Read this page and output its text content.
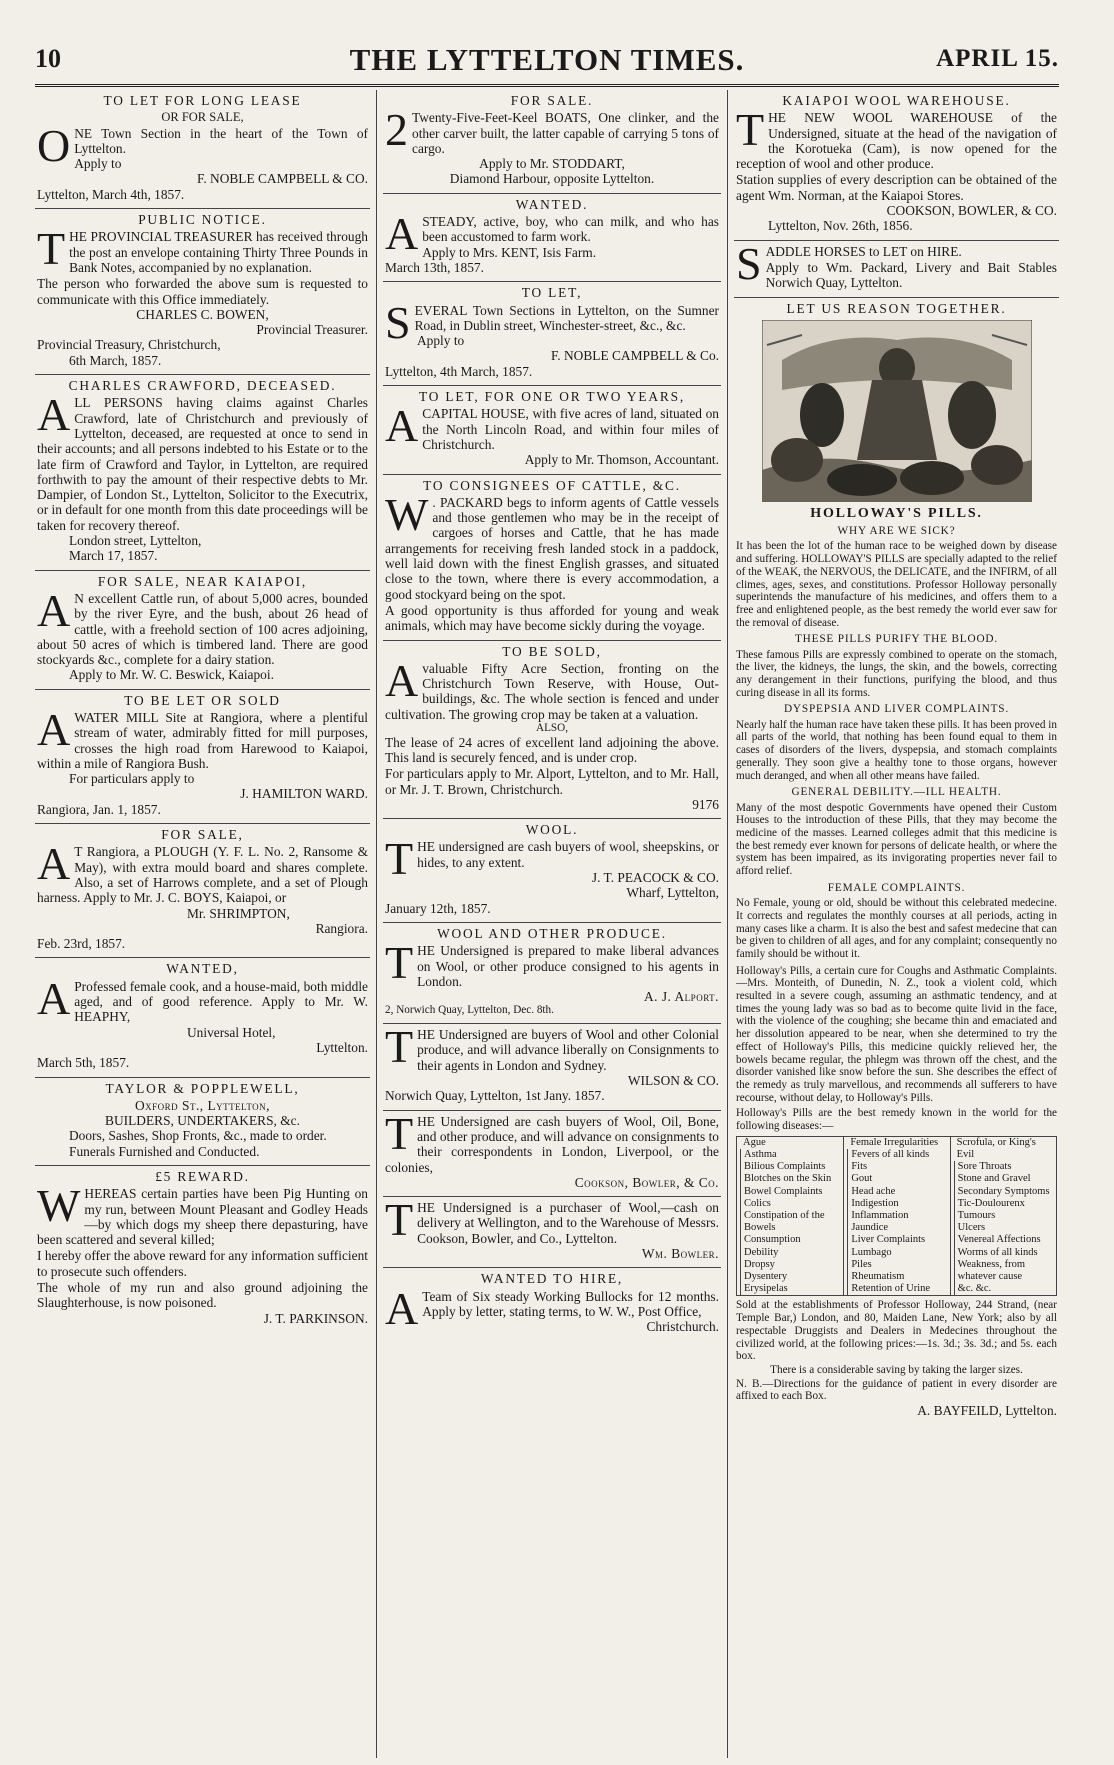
10	THE LYTTELTON TIMES.	APRIL 15.
TO LET FOR LONG LEASE
OR FOR SALE,
ONE Town Section in the heart of the Town of Lyttelton.
Apply to
F. NOBLE CAMPBELL & CO.
Lyttelton, March 4th, 1857.
PUBLIC NOTICE.
THE PROVINCIAL TREASURER has received through the post an envelope containing Thirty Three Pounds in Bank Notes, accompanied by no explanation.
The person who forwarded the above sum is requested to communicate with this Office immediately.
CHARLES C. BOWEN,
Provincial Treasurer.
Provincial Treasury, Christchurch,
6th March, 1857.
CHARLES CRAWFORD, DECEASED.
ALL PERSONS having claims against Charles Crawford, late of Christchurch and previously of Lyttelton, deceased, are requested at once to send in their accounts; and all persons indebted to his Estate or to the late firm of Crawford and Taylor, in Lyttelton, are required forthwith to pay the amount of their respective debts to Mr. Dampier, of London St., Lyttelton, Solicitor to the Executrix, or in default for one month from this date proceedings will be taken for recovery thereof.
London street, Lyttelton,
March 17, 1857.
FOR SALE, NEAR KAIAPOI,
A N excellent Cattle run, of about 5,000 acres, bounded by the river Eyre, and the bush, about 26 head of cattle, with a freehold section of 100 acres adjoining, about 50 acres of which is timbered land. There are good stockyards &c., complete for a dairy station.
Apply to Mr. W. C. Beswick, Kaiapoi.
TO BE LET OR SOLD
AWATER MILL Site at Rangiora, where a plentiful stream of water, admirably fitted for mill purposes, crosses the high road from Harewood to Kaiapoi, within a mile of Rangiora Bush.
For particulars apply to
J. HAMILTON WARD.
Rangiora, Jan. 1, 1857.
FOR SALE,
A T Rangiora, a PLOUGH (Y. F. L. No. 2, Ransome & May), with extra mould board and shares complete. Also, a set of Harrows complete, and a set of Plough harness. Apply to Mr. J. C. BOYS, Kaiapoi, or
Mr. SHRIMPTON,
Rangiora.
Feb. 23rd, 1857.
WANTED,
A Professed female cook, and a house-maid, both middle aged, and of good reference. Apply to Mr. W. HEAPHY,
Universal Hotel,
Lyttelton.
March 5th, 1857.
TAYLOR & POPPLEWELL,
Oxford St., Lyttelton,
BUILDERS, UNDERTAKERS, &c.
Doors, Sashes, Shop Fronts, &c., made to order.
Funerals Furnished and Conducted.
£5 REWARD.
WHEREAS certain parties have been Pig Hunting on my run, between Mount Pleasant and Godley Heads—by which dogs my sheep there depasturing, have been scattered and several killed;
I hereby offer the above reward for any information sufficient to prosecute such offenders.
The whole of my run and also ground adjoining the Slaughterhouse, is now poisoned.
J. T. PARKINSON.
FOR SALE.
2 Twenty-Five-Feet-Keel BOATS, One clinker, and the other carver built, the latter capable of carrying 5 tons of cargo.
Apply to Mr. STODDART,
Diamond Harbour, opposite Lyttelton.
WANTED.
ASTEADY, active, boy, who can milk, and who has been accustomed to farm work.
Apply to Mrs. KENT, Isis Farm.
March 13th, 1857.
TO LET,
SEVERAL Town Sections in Lyttelton, on the Sumner Road, in Dublin street, Winchester-street, &c., &c.
Apply to
F. NOBLE CAMPBELL & Co.
Lyttelton, 4th March, 1857.
TO LET, FOR ONE OR TWO YEARS,
ACAPITAL HOUSE, with five acres of land, situated on the North Lincoln Road, and within four miles of Christchurch.
Apply to Mr. Thomson, Accountant.
TO CONSIGNEES OF CATTLE, &C.
W . PACKARD begs to inform agents of Cattle vessels and those gentlemen who may be in the receipt of cargoes of horses and Cattle, that he has made arrangements for receiving fresh landed stock in a paddock, well laid down with the finest English grasses, and situated close to the town, where there is every accommodation, a good stockyard being on the spot.
A good opportunity is thus afforded for young and weak animals, which may have become sickly during the voyage.
TO BE SOLD,
Avaluable Fifty Acre Section, fronting on the Christchurch Town Reserve, with House, Out-buildings, &c. The whole section is fenced and under cultivation. The growing crop may be taken at a valuation.
ALSO,
The lease of 24 acres of excellent land adjoining the above. This land is securely fenced, and is under crop.
For particulars apply to Mr. Alport, Lyttelton, and to Mr. Hall, or Mr. J. T. Brown, Christchurch.
9176
WOOL.
THE undersigned are cash buyers of wool, sheepskins, or hides, to any extent.
J. T. PEACOCK & CO.
Wharf, Lyttelton,
January 12th, 1857.
WOOL AND OTHER PRODUCE.
THE Undersigned is prepared to make liberal advances on Wool, or other produce consigned to his agents in London.
A. J. Alport.
2, Norwich Quay, Lyttelton, Dec. 8th.
THE Undersigned are buyers of Wool and other Colonial produce, and will advance liberally on Consignments to their agents in London and Sydney.
WILSON & CO.
Norwich Quay, Lyttelton, 1st Jany. 1857.
THE Undersigned are cash buyers of Wool, Oil, Bone, and other produce, and will advance on consignments to their correspondents in London, Liverpool, or the colonies,
Cookson, Bowler, & Co.
THE Undersigned is a purchaser of Wool,—cash on delivery at Wellington, and to the Warehouse of Messrs. Cookson, Bowler, and Co., Lyttelton.
Wm. Bowler.
WANTED TO HIRE,
A Team of Six steady Working Bullocks for 12 months. Apply by letter, stating terms, to W. W., Post Office,
Christchurch.
KAIAPOI WOOL WAREHOUSE.
THE NEW WOOL WAREHOUSE of the Undersigned, situate at the head of the navigation of the Korotueka (Cam), is now opened for the reception of wool and other produce.
Station supplies of every description can be obtained of the agent Wm. Norman, at the Kaiapoi Stores.
COOKSON, BOWLER, & CO.
Lyttelton, Nov. 26th, 1856.
SADDLE HORSES to LET on HIRE.
Apply to Wm. Packard, Livery and Bait Stables Norwich Quay, Lyttelton.
LET US REASON TOGETHER.
HOLLOWAY'S PILLS.
WHY ARE WE SICK?
It has been the lot of the human race to be weighed down by disease and suffering. HOLLOWAY'S PILLS are specially adapted to the relief of the WEAK, the NERVOUS, the DELICATE, and the INFIRM, of all climes, ages, sexes, and constitutions. Professor Holloway personally superintends the manufacture of his medicines, and offers them to a free and enlightened people, as the best remedy the world ever saw for the removal of disease.
THESE PILLS PURIFY THE BLOOD.
These famous Pills are expressly combined to operate on the stomach, the liver, the kidneys, the lungs, the skin, and the bowels, correcting any derangement in their functions, purifying the blood, and thus curing disease in all its forms.
DYSPEPSIA AND LIVER COMPLAINTS.
Nearly half the human race have taken these pills. It has been proved in all parts of the world, that nothing has been found equal to them in cases of disorders of the livers, dyspepsia, and stomach complaints generally. They soon give a healthy tone to those organs, however much deranged, and when all other means have failed.
GENERAL DEBILITY.—ILL HEALTH.
Many of the most despotic Governments have opened their Custom Houses to the introduction of these Pills, that they may become the medicine of the masses. Learned colleges admit that this medicine is the best remedy ever known for persons of delicate health, or where the system has been impaired, as its invigorating properties never fail to afford relief.
FEMALE COMPLAINTS.
No Female, young or old, should be without this celebrated medecine. It corrects and regulates the monthly courses at all periods, acting in many cases like a charm. It is also the best and safest medecine that can be given to children of all ages, and for any complaint; consequently no family should be without it.
Holloway's Pills, a certain cure for Coughs and Asthmatic Complaints.—Mrs. Monteith, of Dunedin, N. Z., took a violent cold, which resulted in a severe cough, assuming an asthmatic tendency, and at times the young lady was so bad as to become quite livid in the face, with the violence of the coughing; she became thin and emaciated and her dissolution appeared to be near, when she determined to try the effect of Holloway's Pills, this medicine quickly relieved her, the bowels became regular, the phlegm was thrown off the chest, and the disorder vanished like snow before the sun. She describes the effect of the remedy as truly marvellous, and recommends all sufferers to have recourse, without delay, to Holloway's Pills.
Holloway's Pills are the best remedy known in the world for the following diseases:—
Ague
Asthma
Bilious Complaints
Blotches on the Skin
Bowel Complaints
Colics
Constipation of the Bowels
Consumption
Debility
Dropsy
Dysentery
Erysipelas
Female Irregularities
Fevers of all kinds
Fits
Gout
Head ache
Indigestion
Inflammation
Jaundice
Liver Complaints
Lumbago
Piles
Rheumatism
Retention of Urine
Scrofula, or King's Evil
Sore Throats
Stone and Gravel
Secondary Symptoms
Tic-Doulourenx
Tumours
Ulcers
Venereal Affections
Worms of all kinds
Weakness, from whatever cause
&c. &c.
Sold at the establishments of Professor Holloway, 244 Strand, (near Temple Bar,) London, and 80, Maiden Lane, New York; also by all respectable Druggists and Dealers in Medecines throughout the civilized world, at the following prices:—1s. 3d.; 3s. 3d.; and 5s. each box.
There is a considerable saving by taking the larger sizes.
N. B.—Directions for the guidance of patient in every disorder are affixed to each Box.
A. BAYFEILD, Lyttelton.
